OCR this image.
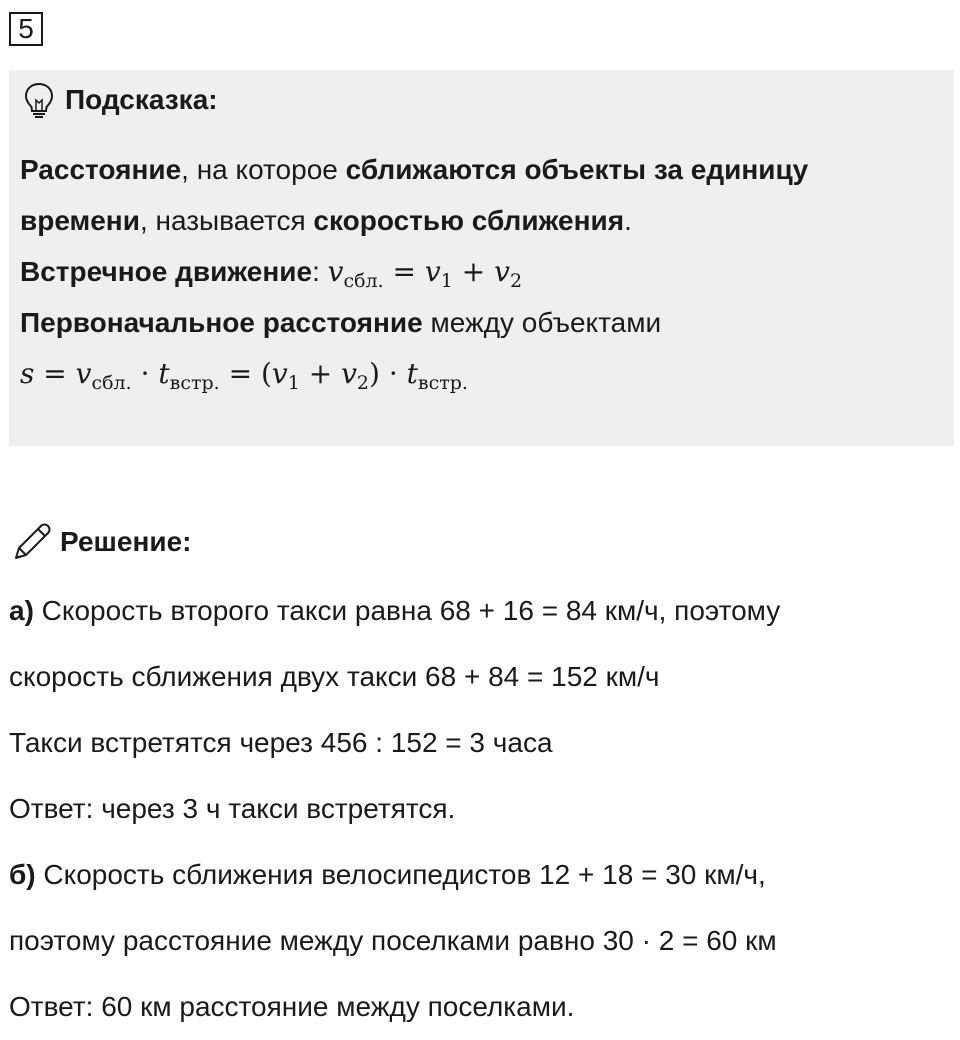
5
Подсказка:
Расстояние, на которое сближаются объекты за единицу
времени, называется скоростью сближения.
Встречное движение: $v_{сбл.} = v_1 + v_2$
Первоначальное расстояние между объектами
$s = v_{сбл.} \cdot t_{встр.} = (v_1 + v_2) \cdot t_{встр.}$
Решение:
а) Скорость второго такси равна 68 + 16 = 84 км/ч, поэтому
скорость сближения двух такси 68 + 84 = 152 км/ч
Такси встретятся через 456 : 152 = 3 часа
Ответ: через 3 ч такси встретятся.
б) Скорость сближения велосипедистов 12 + 18 = 30 км/ч,
поэтому расстояние между поселками равно 30 · 2 = 60 км
Ответ: 60 км расстояние между поселками.
